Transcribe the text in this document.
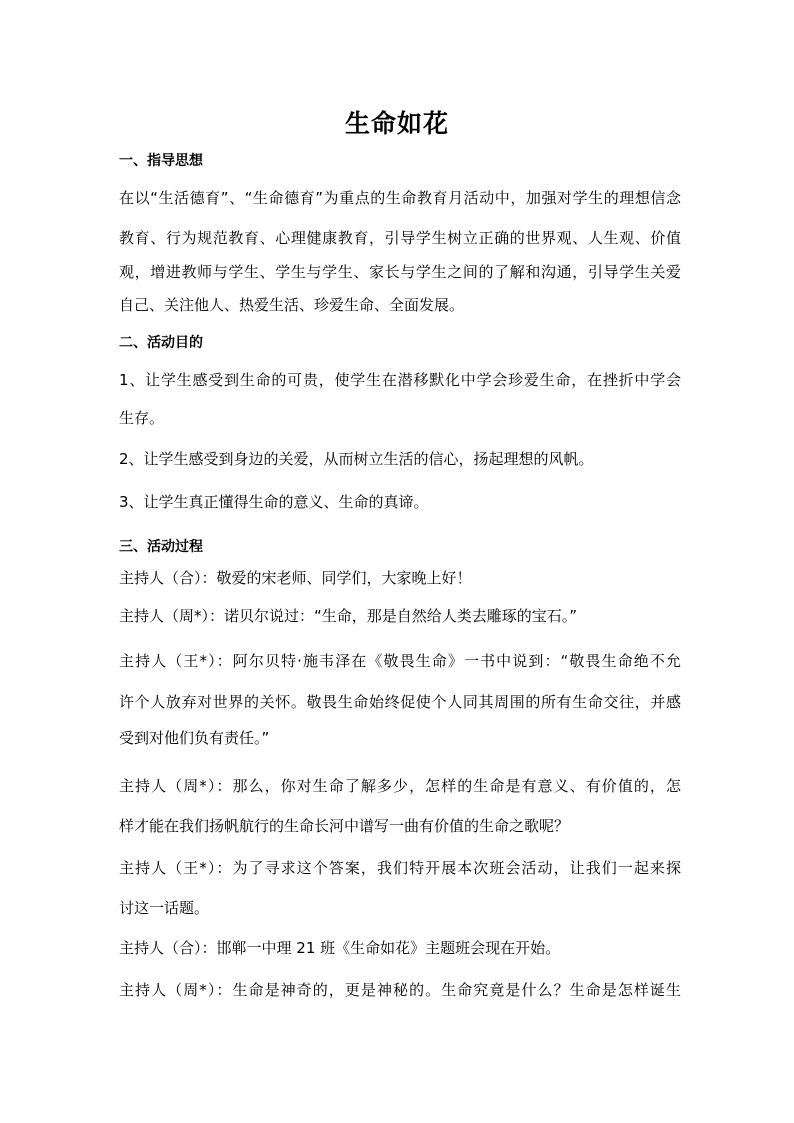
生命如花
一、指导思想
在以“生活德育”、“生命德育”为重点的生命教育月活动中，加强对学生的理想信念
教育、行为规范教育、心理健康教育，引导学生树立正确的世界观、人生观、价值
观，增进教师与学生、学生与学生、家长与学生之间的了解和沟通，引导学生关爱
自己、关注他人、热爱生活、珍爱生命、全面发展。
二、活动目的
1、让学生感受到生命的可贵，使学生在潜移默化中学会珍爱生命，在挫折中学会
生存。
2、让学生感受到身边的关爱，从而树立生活的信心，扬起理想的风帆。
3、让学生真正懂得生命的意义、生命的真谛。
三、活动过程
主持人（合）：敬爱的宋老师、同学们，大家晚上好！
主持人（周*）：诺贝尔说过：“生命，那是自然给人类去雕琢的宝石。”
主持人（王*）：阿尔贝特·施韦泽在《敬畏生命》一书中说到：“敬畏生命绝不允
许个人放弃对世界的关怀。敬畏生命始终促使个人同其周围的所有生命交往，并感
受到对他们负有责任。”
主持人（周*）：那么，你对生命了解多少，怎样的生命是有意义、有价值的，怎
样才能在我们扬帆航行的生命长河中谱写一曲有价值的生命之歌呢？
主持人（王*）：为了寻求这个答案，我们特开展本次班会活动，让我们一起来探
讨这一话题。
主持人（合）：邯郸一中理 21 班《生命如花》主题班会现在开始。
主持人（周*）：生命是神奇的，更是神秘的。生命究竟是什么？生命是怎样诞生
